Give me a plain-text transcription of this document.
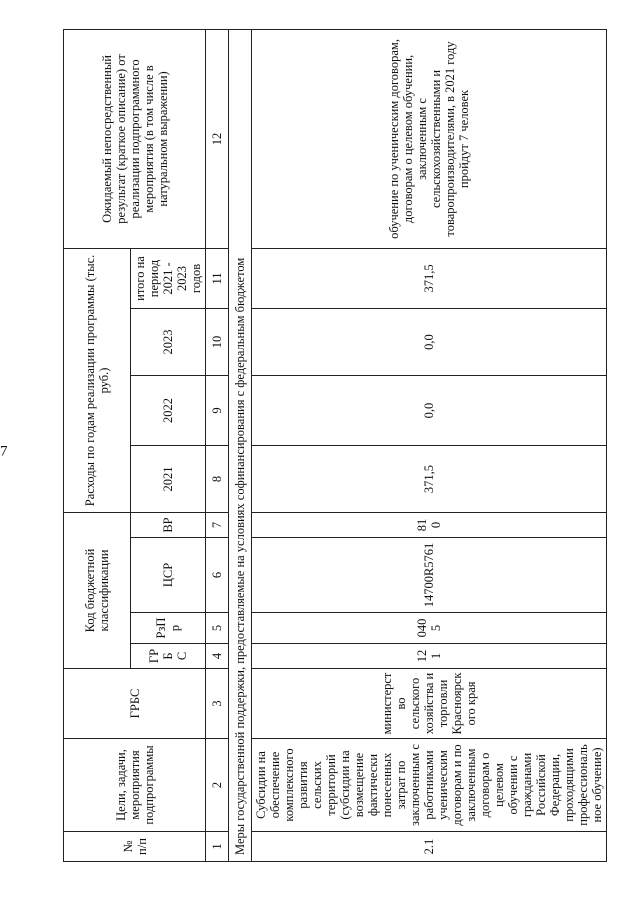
7
№ п/п	Цели, задачи, мероприятия подпрограммы	ГРБС	Код бюджетной классификации				Расходы по годам реализации программы (тыс. руб.)				Ожидаемый непосредственный результат (краткое описание) от реализации подпрограммного мероприятия (в том числе в натуральном выражении)
			ГРБ С	РзПр	ЦСР	ВР	2021	2022	2023	итого на период 2021 - 2023 годов	
1	2	3	4	5	6	7	8	9	10	11	12
Меры государственной поддержки, предоставляемые на условиях софинансирования с федеральным бюджетом											
2.1	Субсидии на обеспечение комплексного развития сельских территорий (субсидии на возмещение фактически понесенных затрат по заключенным с работниками ученическим договорам и по заключенным договорам о целевом обучении с гражданами Российской Федерации, проходящими профессиональное обучение)	министерство сельского хозяйства и торговли Красноярского края	121	0405	14700R5761	810	371,5	0,0	0,0	371,5	обучение по ученическим договорам, договорам о целевом обучении, заключенным с сельскохозяйственными и товаропроизводителями, в 2021 году пройдут 7 человек
